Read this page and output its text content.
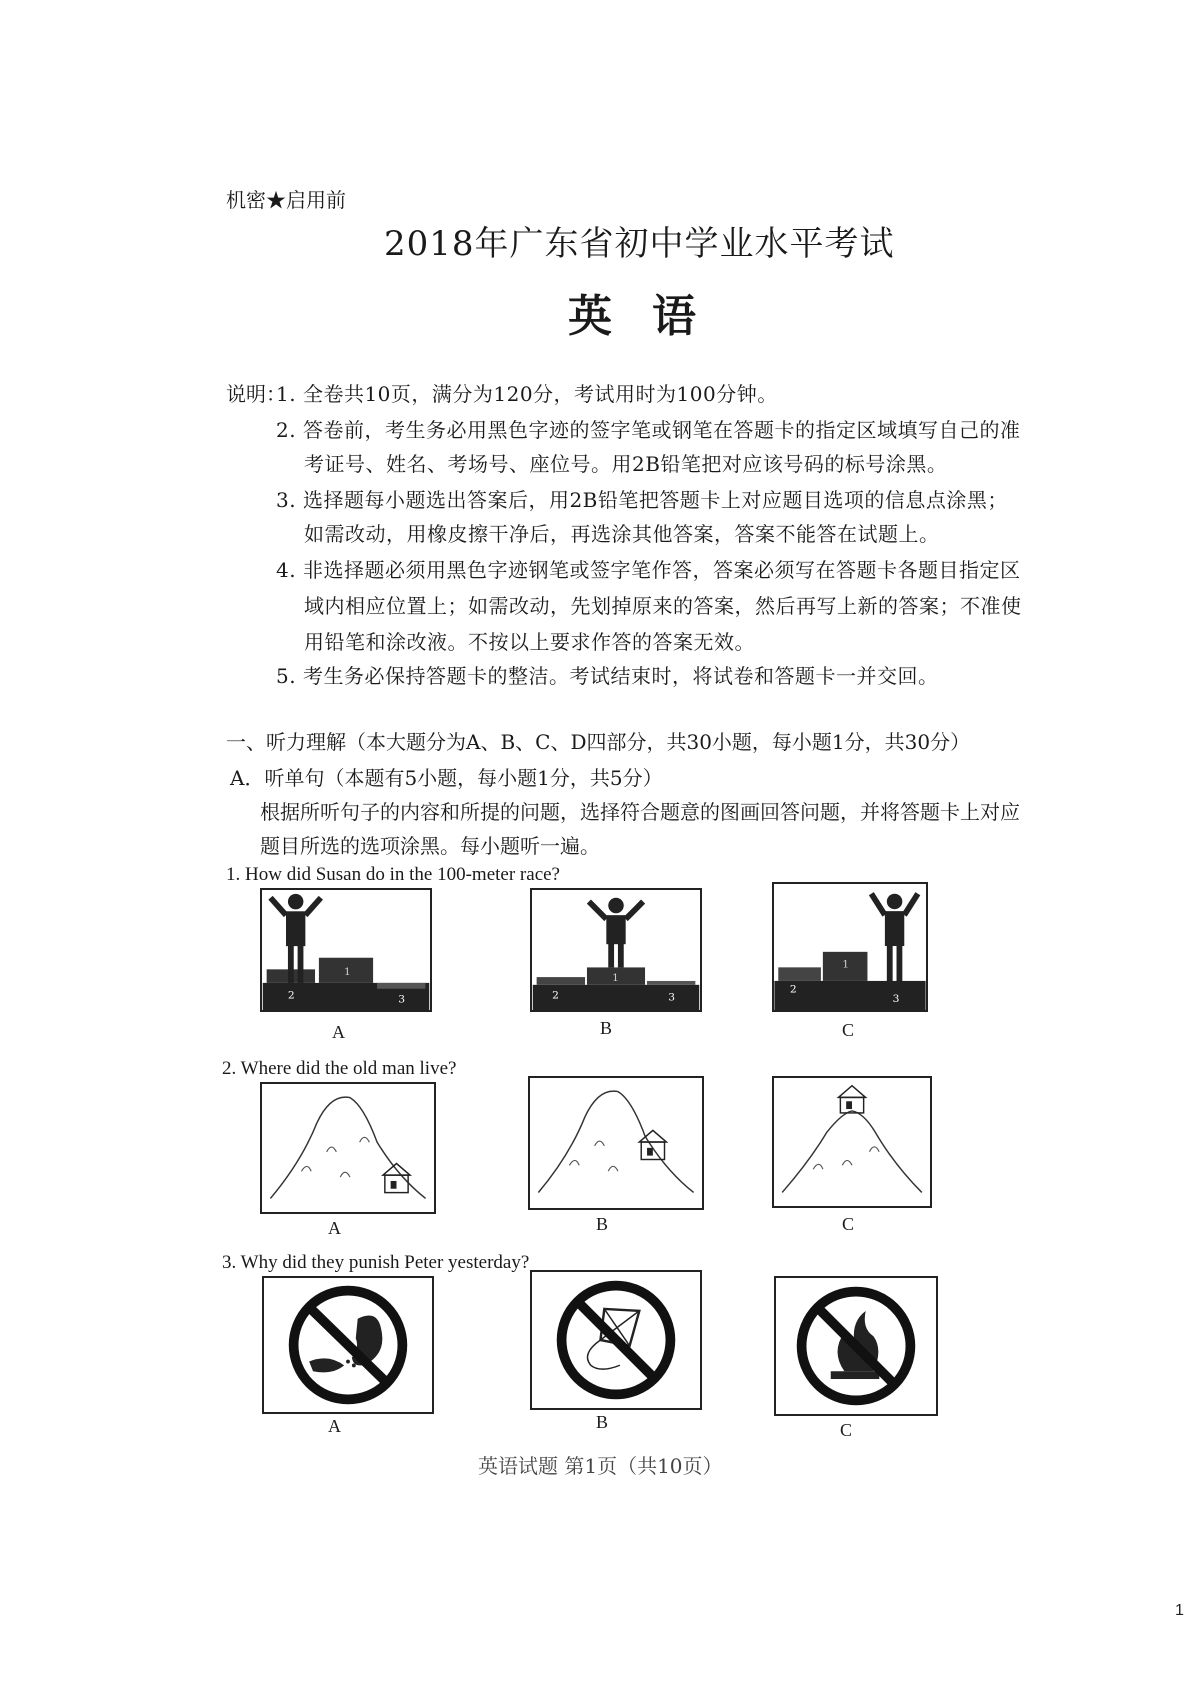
机密★启用前
2018年广东省初中学业水平考试
英语
说明：
1. 全卷共10页，满分为120分，考试用时为100分钟。
2. 答卷前，考生务必用黑色字迹的签字笔或钢笔在答题卡的指定区域填写自己的准
考证号、姓名、考场号、座位号。用2B铅笔把对应该号码的标号涂黑。
3. 选择题每小题选出答案后，用2B铅笔把答题卡上对应题目选项的信息点涂黑；
如需改动，用橡皮擦干净后，再选涂其他答案，答案不能答在试题上。
4. 非选择题必须用黑色字迹钢笔或签字笔作答，答案必须写在答题卡各题目指定区
域内相应位置上；如需改动，先划掉原来的答案，然后再写上新的答案；不准使
用铅笔和涂改液。不按以上要求作答的答案无效。
5. 考生务必保持答题卡的整洁。考试结束时，将试卷和答题卡一并交回。
一、听力理解（本大题分为A、B、C、D四部分，共30小题，每小题1分，共30分）
A．听单句（本题有5小题，每小题1分，共5分）
根据所听句子的内容和所提的问题，选择符合题意的图画回答问题，并将答题卡上对应
题目所选的选项涂黑。每小题听一遍。
1. How did Susan do in the 100-meter race?
2
1
3
A
2
1
3
B
2
1
3
C
2. Where did the old man live?
A	B	C
3. Why did they punish Peter yesterday?
A	B	C
英语试题 第1页（共10页）
1
